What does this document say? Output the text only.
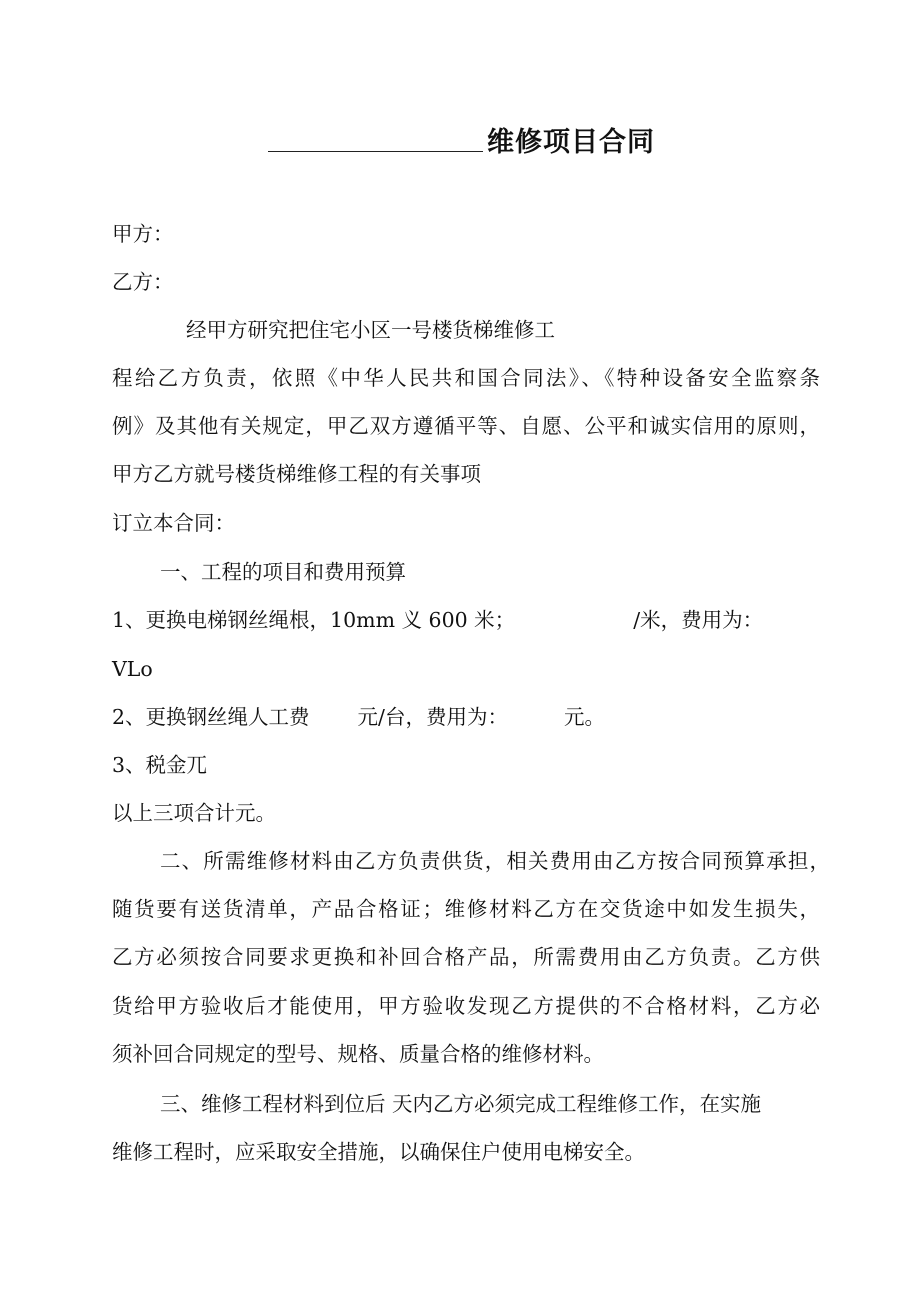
维修项目合同
甲方：
乙方：
经甲方研究把住宅小区一号楼货梯维修工
程给乙方负责，依照《中华人民共和国合同法》、《特种设备安全监察条
例》及其他有关规定，甲乙双方遵循平等、自愿、公平和诚实信用的原则，
甲方乙方就号楼货梯维修工程的有关事项
订立本合同：
一、工程的项目和费用预算
1、更换电梯钢丝绳根，10mm 义 600 米；	/米，费用为：
VLo
2、更换钢丝绳人工费 元/台，费用为：	元。
3、税金兀
以上三项合计元。
二、所需维修材料由乙方负责供货，相关费用由乙方按合同预算承担，
随货要有送货清单，产品合格证；维修材料乙方在交货途中如发生损失，
乙方必须按合同要求更换和补回合格产品，所需费用由乙方负责。乙方供
货给甲方验收后才能使用，甲方验收发现乙方提供的不合格材料，乙方必
须补回合同规定的型号、规格、质量合格的维修材料。
三、维修工程材料到位后 天内乙方必须完成工程维修工作，在实施
维修工程时，应采取安全措施，以确保住户使用电梯安全。
